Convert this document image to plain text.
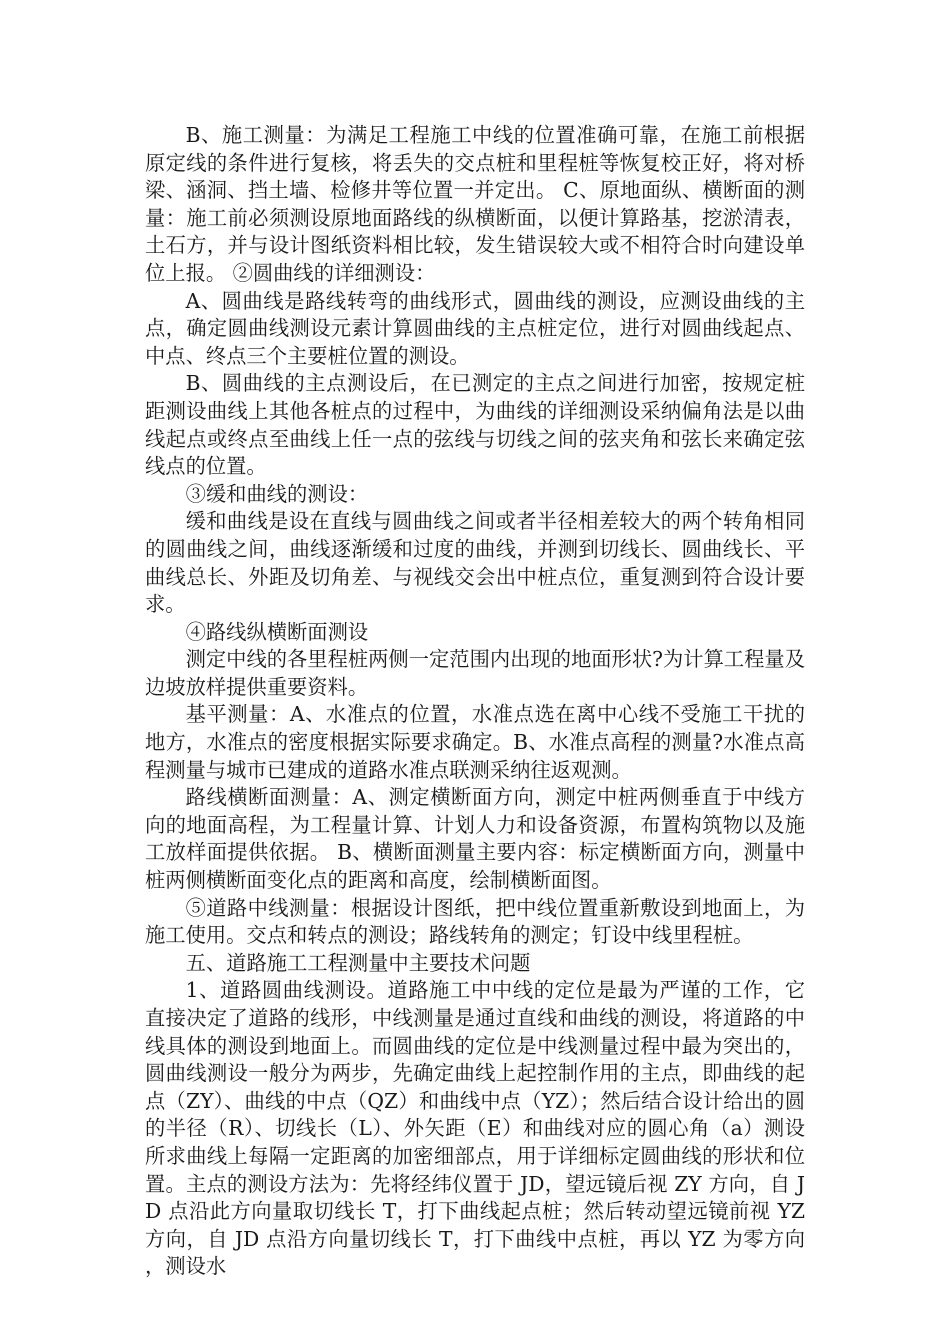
B、施工测量：为满足工程施工中线的位置准确可靠，在施工前根据原定线的条件进行复核，将丢失的交点桩和里程桩等恢复校正好，将对桥梁、涵洞、挡土墙、检修井等位置一并定出。 C、原地面纵、横断面的测量：施工前必须测设原地面路线的纵横断面，以便计算路基，挖淤清表，土石方，并与设计图纸资料相比较，发生错误较大或不相符合时向建设单位上报。 ②圆曲线的详细测设：

A、圆曲线是路线转弯的曲线形式，圆曲线的测设，应测设曲线的主点，确定圆曲线测设元素计算圆曲线的主点桩定位，进行对圆曲线起点、中点、终点三个主要桩位置的测设。

B、圆曲线的主点测设后，在已测定的主点之间进行加密，按规定桩距测设曲线上其他各桩点的过程中，为曲线的详细测设采纳偏角法是以曲线起点或终点至曲线上任一点的弦线与切线之间的弦夹角和弦长来确定弦线点的位置。

③缓和曲线的测设：

缓和曲线是设在直线与圆曲线之间或者半径相差较大的两个转角相同的圆曲线之间，曲线逐渐缓和过度的曲线，并测到切线长、圆曲线长、平曲线总长、外距及切角差、与视线交会出中桩点位，重复测到符合设计要求。

④路线纵横断面测设

测定中线的各里程桩两侧一定范围内出现的地面形状?为计算工程量及边坡放样提供重要资料。

基平测量：A、水准点的位置，水准点选在离中心线不受施工干扰的地方，水准点的密度根据实际要求确定。B、水准点高程的测量?水准点高程测量与城市已建成的道路水准点联测采纳往返观测。

路线横断面测量：A、测定横断面方向，测定中桩两侧垂直于中线方向的地面高程，为工程量计算、计划人力和设备资源，布置构筑物以及施工放样面提供依据。 B、横断面测量主要内容：标定横断面方向，测量中桩两侧横断面变化点的距离和高度，绘制横断面图。

⑤道路中线测量：根据设计图纸，把中线位置重新敷设到地面上，为施工使用。交点和转点的测设；路线转角的测定；钉设中线里程桩。

五、道路施工工程测量中主要技术问题

1、道路圆曲线测设。道路施工中中线的定位是最为严谨的工作，它直接决定了道路的线形，中线测量是通过直线和曲线的测设，将道路的中线具体的测设到地面上。而圆曲线的定位是中线测量过程中最为突出的，圆曲线测设一般分为两步，先确定曲线上起控制作用的主点，即曲线的起点（ZY）、曲线的中点（QZ）和曲线中点（YZ）；然后结合设计给出的圆的半径（R）、切线长（L）、外矢距（E）和曲线对应的圆心角（a）测设所求曲线上每隔一定距离的加密细部点，用于详细标定圆曲线的形状和位置。主点的测设方法为：先将经纬仪置于 JD，望远镜后视 ZY 方向，自 JD 点沿此方向量取切线长 T，打下曲线起点桩；然后转动望远镜前视 YZ 方向，自 JD 点沿方向量切线长 T，打下曲线中点桩，再以 YZ 为零方向，测设水
